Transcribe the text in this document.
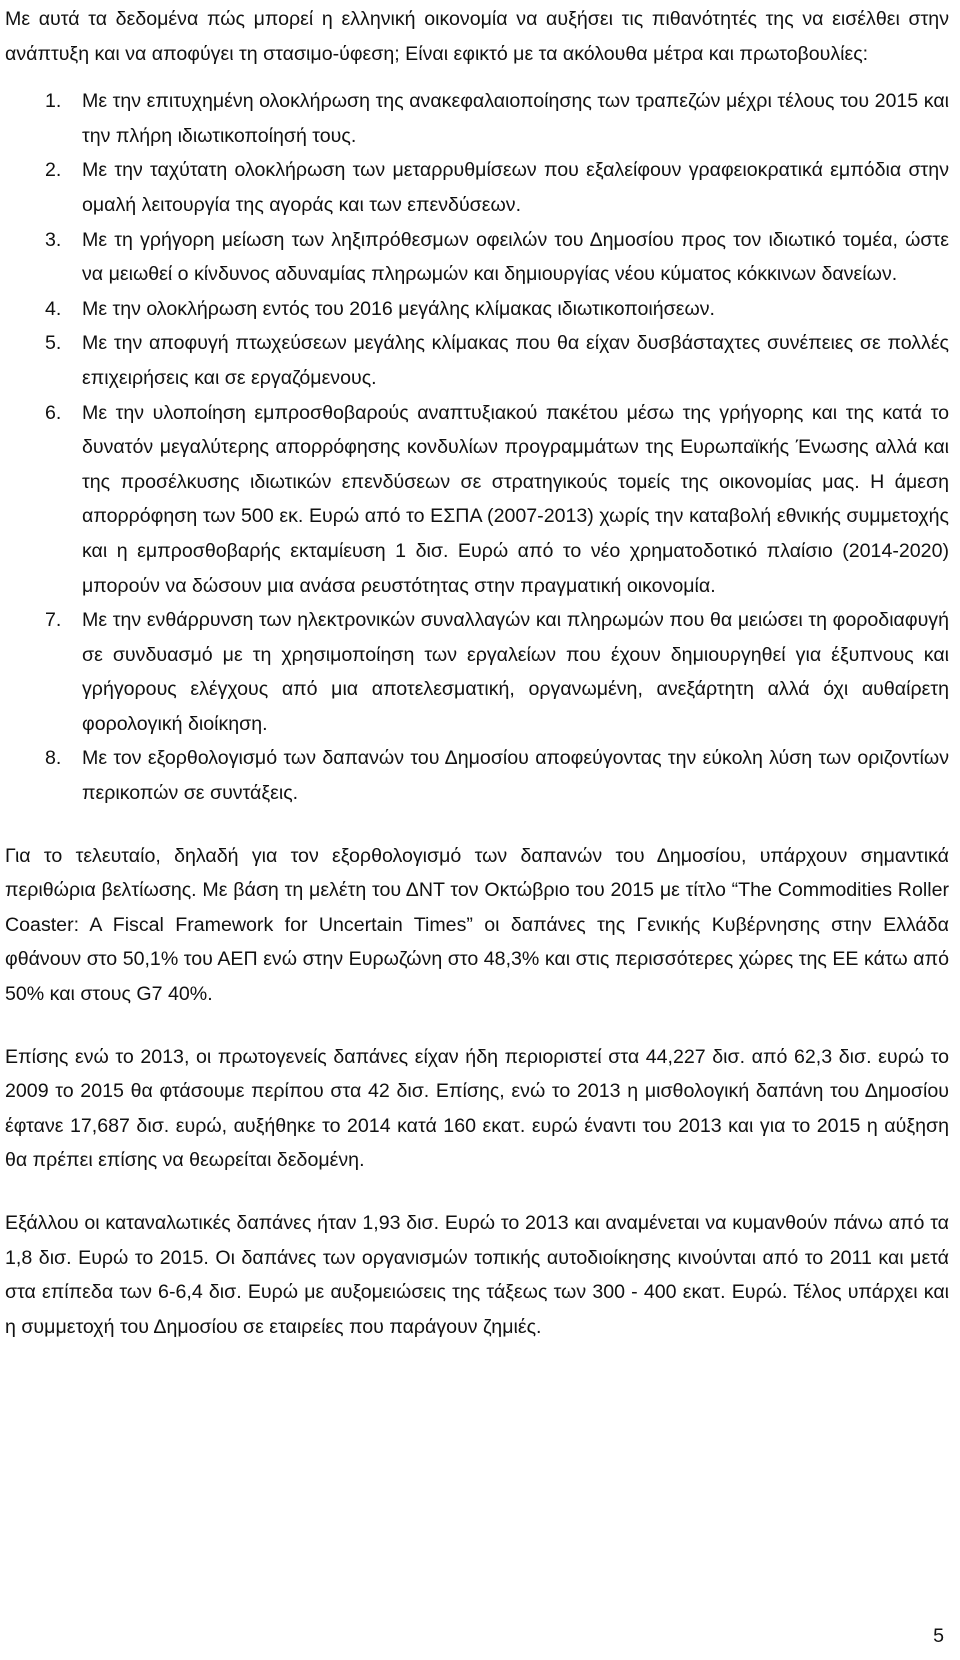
Με αυτά τα δεδομένα πώς μπορεί η ελληνική οικονομία να αυξήσει τις πιθανότητές της να εισέλθει στην ανάπτυξη και να αποφύγει τη στασιμο-ύφεση; Είναι εφικτό με τα ακόλουθα μέτρα και πρωτοβουλίες:

1. Με την επιτυχημένη ολοκλήρωση της ανακεφαλαιοποίησης των τραπεζών μέχρι τέλους του 2015 και την πλήρη ιδιωτικοποίησή τους.
2. Με την ταχύτατη ολοκλήρωση των μεταρρυθμίσεων που εξαλείφουν γραφειοκρατικά εμπόδια στην ομαλή λειτουργία της αγοράς και των επενδύσεων.
3. Με τη γρήγορη μείωση των ληξιπρόθεσμων οφειλών του Δημοσίου προς τον ιδιωτικό τομέα, ώστε να μειωθεί ο κίνδυνος αδυναμίας πληρωμών και δημιουργίας νέου κύματος κόκκινων δανείων.
4. Με την ολοκλήρωση εντός του 2016 μεγάλης κλίμακας ιδιωτικοποιήσεων.
5. Με την αποφυγή πτωχεύσεων μεγάλης κλίμακας που θα είχαν δυσβάσταχτες συνέπειες σε πολλές επιχειρήσεις και σε εργαζόμενους.
6. Με την υλοποίηση εμπροσθοβαρούς αναπτυξιακού πακέτου μέσω της γρήγορης και της κατά το δυνατόν μεγαλύτερης απορρόφησης κονδυλίων προγραμμάτων της Ευρωπαϊκής Ένωσης αλλά και της προσέλκυσης ιδιωτικών επενδύσεων σε στρατηγικούς τομείς της οικονομίας μας. Η άμεση απορρόφηση των 500 εκ. Ευρώ από το ΕΣΠΑ (2007-2013) χωρίς την καταβολή εθνικής συμμετοχής και η εμπροσθοβαρής εκταμίευση 1 δισ. Ευρώ από το νέο χρηματοδοτικό πλαίσιο (2014-2020) μπορούν να δώσουν μια ανάσα ρευστότητας στην πραγματική οικονομία.
7. Με την ενθάρρυνση των ηλεκτρονικών συναλλαγών και πληρωμών που θα μειώσει τη φοροδιαφυγή σε συνδυασμό με τη χρησιμοποίηση των εργαλείων που έχουν δημιουργηθεί για έξυπνους και γρήγορους ελέγχους από μια αποτελεσματική, οργανωμένη, ανεξάρτητη αλλά όχι αυθαίρετη φορολογική διοίκηση.
8. Με τον εξορθολογισμό των δαπανών του Δημοσίου αποφεύγοντας την εύκολη λύση των οριζοντίων περικοπών σε συντάξεις.

Για το τελευταίο, δηλαδή για τον εξορθολογισμό των δαπανών του Δημοσίου, υπάρχουν σημαντικά περιθώρια βελτίωσης. Με βάση τη μελέτη του ΔΝΤ τον Οκτώβριο του 2015 με τίτλο “The Commodities Roller Coaster: A Fiscal Framework for Uncertain Times” οι δαπάνες της Γενικής Κυβέρνησης στην Ελλάδα φθάνουν στο 50,1% του ΑΕΠ ενώ στην Ευρωζώνη στο 48,3% και στις περισσότερες χώρες της ΕΕ κάτω από 50% και στους G7 40%.

Επίσης ενώ το 2013, οι πρωτογενείς δαπάνες είχαν ήδη περιοριστεί στα 44,227 δισ. από 62,3 δισ. ευρώ το 2009 το 2015 θα φτάσουμε περίπου στα 42 δισ. Επίσης, ενώ το 2013 η μισθολογική δαπάνη του Δημοσίου έφτανε 17,687 δισ. ευρώ, αυξήθηκε το 2014 κατά 160 εκατ. ευρώ έναντι του 2013 και για το 2015 η αύξηση θα πρέπει επίσης να θεωρείται δεδομένη.

Εξάλλου οι καταναλωτικές δαπάνες ήταν 1,93 δισ. Ευρώ το 2013 και αναμένεται να κυμανθούν πάνω από τα 1,8 δισ. Ευρώ το 2015. Οι δαπάνες των οργανισμών τοπικής αυτοδιοίκησης κινούνται από το 2011 και μετά στα επίπεδα των 6-6,4 δισ. Ευρώ με αυξομειώσεις της τάξεως των 300 - 400 εκατ. Ευρώ. Τέλος υπάρχει και η συμμετοχή του Δημοσίου σε εταιρείες που παράγουν ζημιές.

5
